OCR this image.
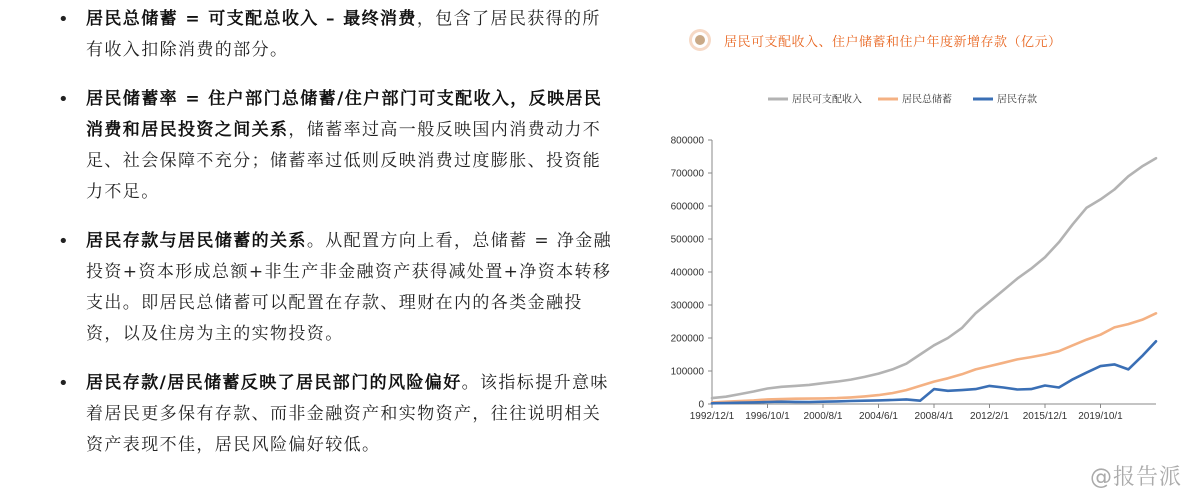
• 居民总储蓄 = 可支配总收入 – 最终消费，包含了居民获得的所有收入扣除消费的部分。
• 居民储蓄率 = 住户部门总储蓄/住户部门可支配收入，反映居民消费和居民投资之间关系，储蓄率过高一般反映国内消费动力不足、社会保障不充分；储蓄率过低则反映消费过度膨胀、投资能力不足。
• 居民存款与居民储蓄的关系。从配置方向上看，总储蓄 = 净金融投资+资本形成总额+非生产非金融资产获得减处置+净资本转移支出。即居民总储蓄可以配置在存款、理财在内的各类金融投资，以及住房为主的实物投资。
• 居民存款/居民储蓄反映了居民部门的风险偏好。该指标提升意味着居民更多保有存款、而非金融资产和实物资产，往往说明相关资产表现不佳，居民风险偏好较低。
居民可支配收入、住户储蓄和住户年度新增存款（亿元）
居民可支配收入	居民总储蓄	居民存款
0
100000
200000
300000
400000
500000
600000
700000
800000
1992/12/1 1996/10/1 2000/8/1 2004/6/1 2008/4/1 2012/2/1 2015/12/1 2019/10/1
@报告派
